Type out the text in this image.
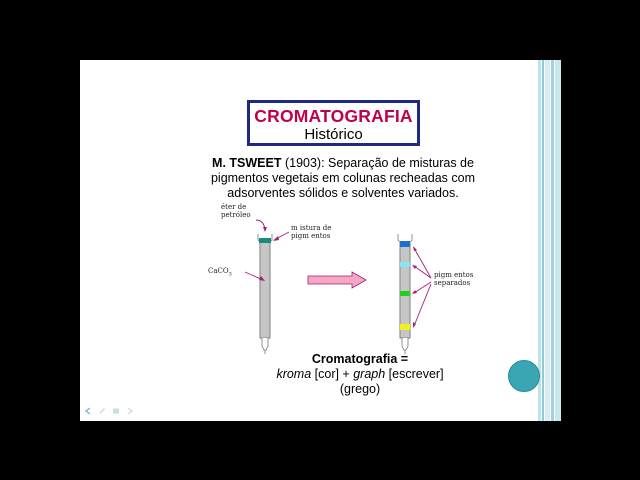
CROMATOGRAFIA
Histórico
M. TSWEET (1903): Separação de misturas de pigmentos vegetais em colunas recheadas com adsorventes sólidos e solventes variados.
éter de
petróleo
m istura de
pigm entos
CaCO$_3$	pigm entos
separados
Cromatografia =
kroma [cor] + graph [escrever]
(grego)
